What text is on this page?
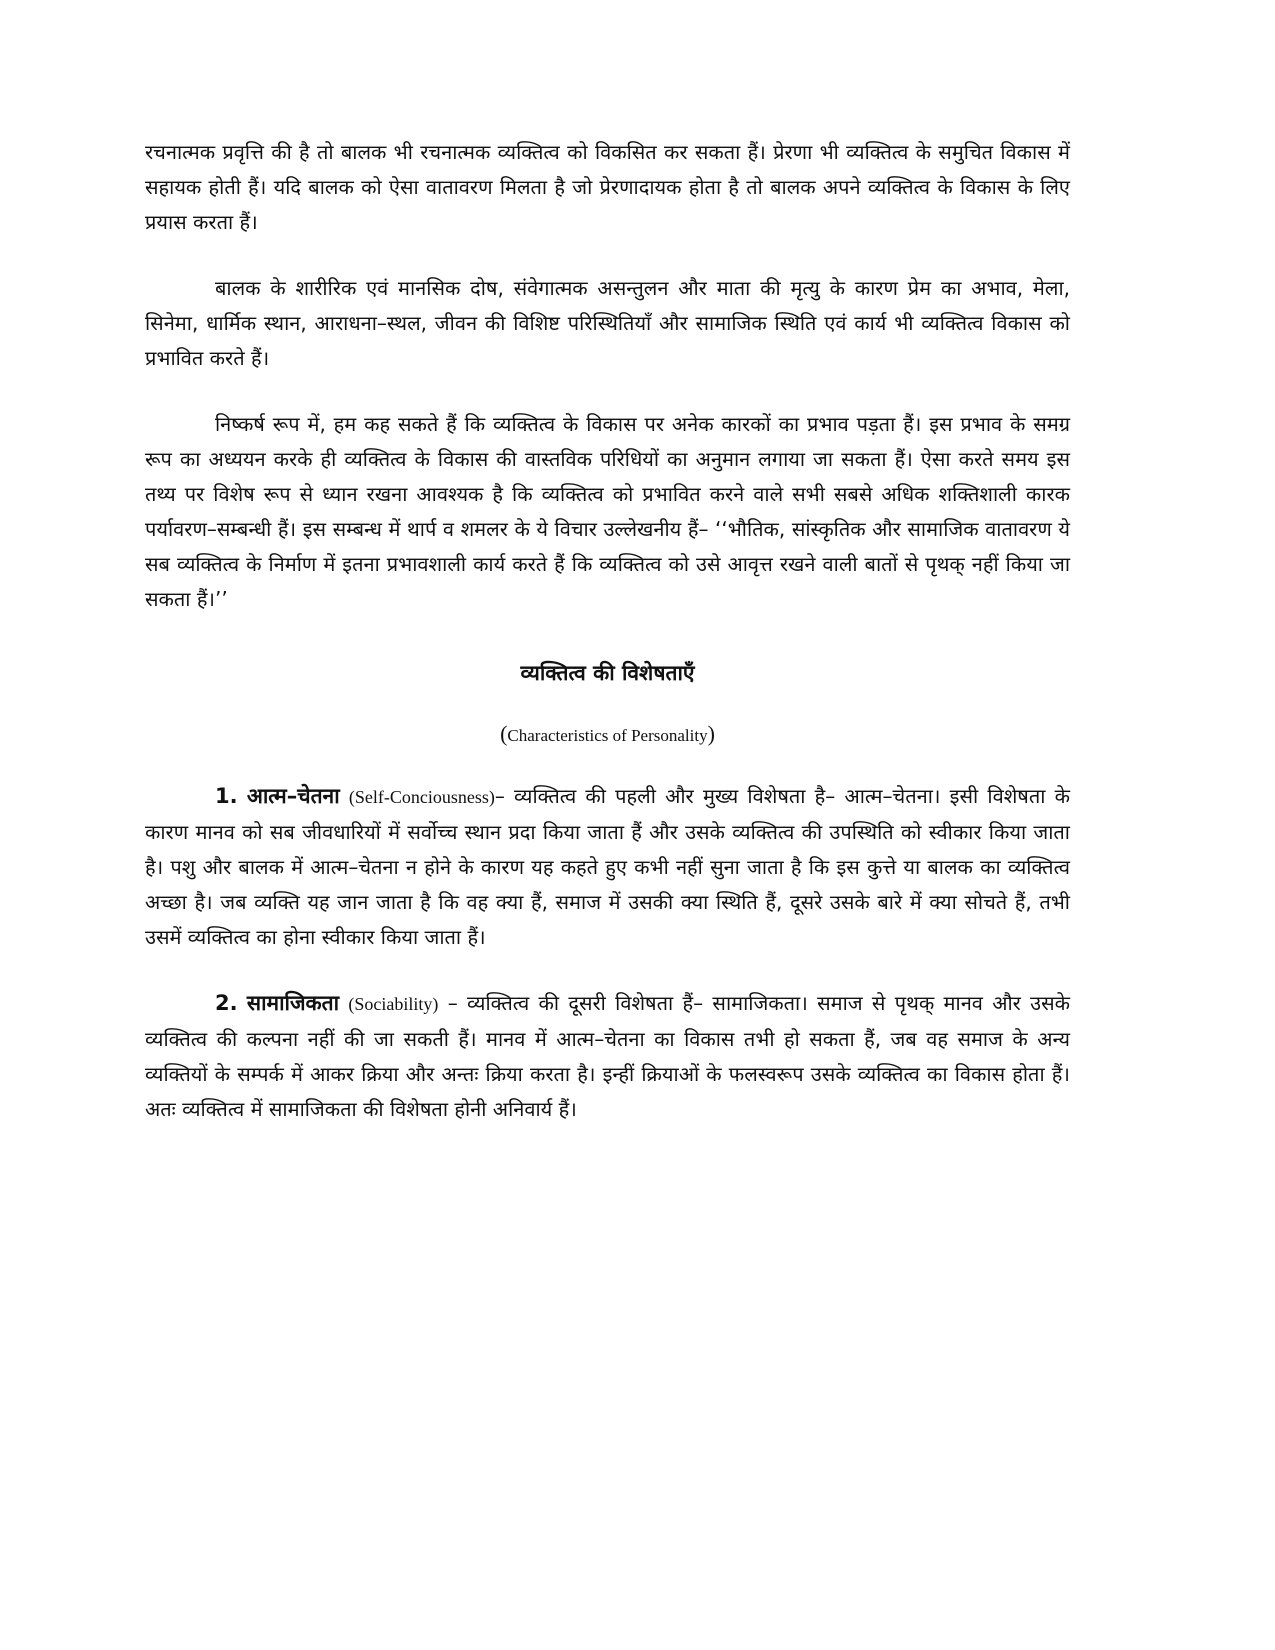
रचनात्मक प्रवृत्ति की है तो बालक भी रचनात्मक व्यक्तित्व को विकसित कर सकता हैं। प्रेरणा भी व्यक्तित्व के समुचित विकास में सहायक होती हैं। यदि बालक को ऐसा वातावरण मिलता है जो प्रेरणादायक होता है तो बालक अपने व्यक्तित्व के विकास के लिए प्रयास करता हैं।

बालक के शारीरिक एवं मानसिक दोष, संवेगात्मक असन्तुलन और माता की मृत्यु के कारण प्रेम का अभाव, मेला, सिनेमा, धार्मिक स्थान, आराधना–स्थल, जीवन की विशिष्ट परिस्थितियाँ और सामाजिक स्थिति एवं कार्य भी व्यक्तित्व विकास को प्रभावित करते हैं।

निष्कर्ष रूप में, हम कह सकते हैं कि व्यक्तित्व के विकास पर अनेक कारकों का प्रभाव पड़ता हैं। इस प्रभाव के समग्र रूप का अध्ययन करके ही व्यक्तित्व के विकास की वास्तविक परिधियों का अनुमान लगाया जा सकता हैं। ऐसा करते समय इस तथ्य पर विशेष रूप से ध्यान रखना आवश्यक है कि व्यक्तित्व को प्रभावित करने वाले सभी सबसे अधिक शक्तिशाली कारक पर्यावरण–सम्बन्धी हैं। इस सम्बन्ध में थार्प व शमलर के ये विचार उल्लेखनीय हैं– ‘‘भौतिक, सांस्कृतिक और सामाजिक वातावरण ये सब व्यक्तित्व के निर्माण में इतना प्रभावशाली कार्य करते हैं कि व्यक्तित्व को उसे आवृत्त रखने वाली बातों से पृथक् नहीं किया जा सकता हैं।’’

व्यक्तित्व की विशेषताएँ

(Characteristics of Personality)

1. आत्म–चेतना (Self-Conciousness)– व्यक्तित्व की पहली और मुख्य विशेषता है– आत्म–चेतना। इसी विशेषता के कारण मानव को सब जीवधारियों में सर्वोच्च स्थान प्रदा किया जाता हैं और उसके व्यक्तित्व की उपस्थिति को स्वीकार किया जाता है। पशु और बालक में आत्म–चेतना न होने के कारण यह कहते हुए कभी नहीं सुना जाता है कि इस कुत्ते या बालक का व्यक्तित्व अच्छा है। जब व्यक्ति यह जान जाता है कि वह क्या हैं, समाज में उसकी क्या स्थिति हैं, दूसरे उसके बारे में क्या सोचते हैं, तभी उसमें व्यक्तित्व का होना स्वीकार किया जाता हैं।

2. सामाजिकता (Sociability) – व्यक्तित्व की दूसरी विशेषता हैं– सामाजिकता। समाज से पृथक् मानव और उसके व्यक्तित्व की कल्पना नहीं की जा सकती हैं। मानव में आत्म–चेतना का विकास तभी हो सकता हैं, जब वह समाज के अन्य व्यक्तियों के सम्पर्क में आकर क्रिया और अन्तः क्रिया करता है। इन्हीं क्रियाओं के फलस्वरूप उसके व्यक्तित्व का विकास होता हैं। अतः व्यक्तित्व में सामाजिकता की विशेषता होनी अनिवार्य हैं।
